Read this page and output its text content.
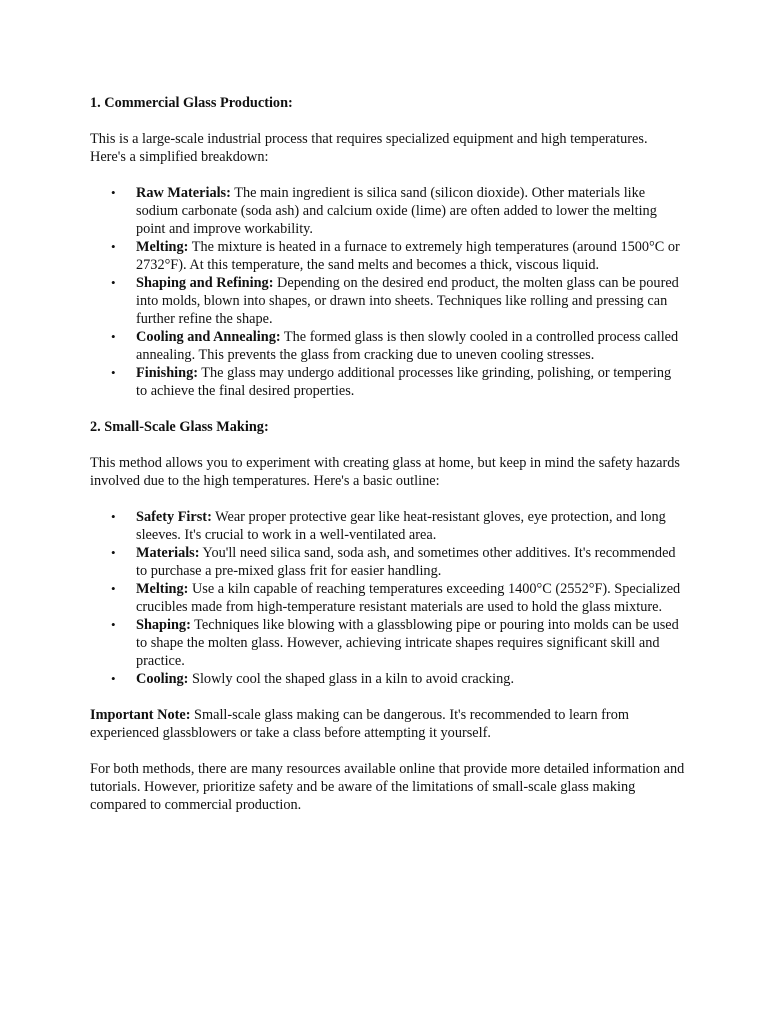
1. Commercial Glass Production:

This is a large-scale industrial process that requires specialized equipment and high temperatures. Here's a simplified breakdown:

• Raw Materials: The main ingredient is silica sand (silicon dioxide). Other materials like sodium carbonate (soda ash) and calcium oxide (lime) are often added to lower the melting point and improve workability.
• Melting: The mixture is heated in a furnace to extremely high temperatures (around 1500°C or 2732°F). At this temperature, the sand melts and becomes a thick, viscous liquid.
• Shaping and Refining: Depending on the desired end product, the molten glass can be poured into molds, blown into shapes, or drawn into sheets. Techniques like rolling and pressing can further refine the shape.
• Cooling and Annealing: The formed glass is then slowly cooled in a controlled process called annealing. This prevents the glass from cracking due to uneven cooling stresses.
• Finishing: The glass may undergo additional processes like grinding, polishing, or tempering to achieve the final desired properties.

2. Small-Scale Glass Making:

This method allows you to experiment with creating glass at home, but keep in mind the safety hazards involved due to the high temperatures. Here's a basic outline:

• Safety First: Wear proper protective gear like heat-resistant gloves, eye protection, and long sleeves. It's crucial to work in a well-ventilated area.
• Materials: You'll need silica sand, soda ash, and sometimes other additives. It's recommended to purchase a pre-mixed glass frit for easier handling.
• Melting: Use a kiln capable of reaching temperatures exceeding 1400°C (2552°F). Specialized crucibles made from high-temperature resistant materials are used to hold the glass mixture.
• Shaping: Techniques like blowing with a glassblowing pipe or pouring into molds can be used to shape the molten glass. However, achieving intricate shapes requires significant skill and practice.
• Cooling: Slowly cool the shaped glass in a kiln to avoid cracking.

Important Note: Small-scale glass making can be dangerous. It's recommended to learn from experienced glassblowers or take a class before attempting it yourself.

For both methods, there are many resources available online that provide more detailed information and tutorials. However, prioritize safety and be aware of the limitations of small-scale glass making compared to commercial production.
